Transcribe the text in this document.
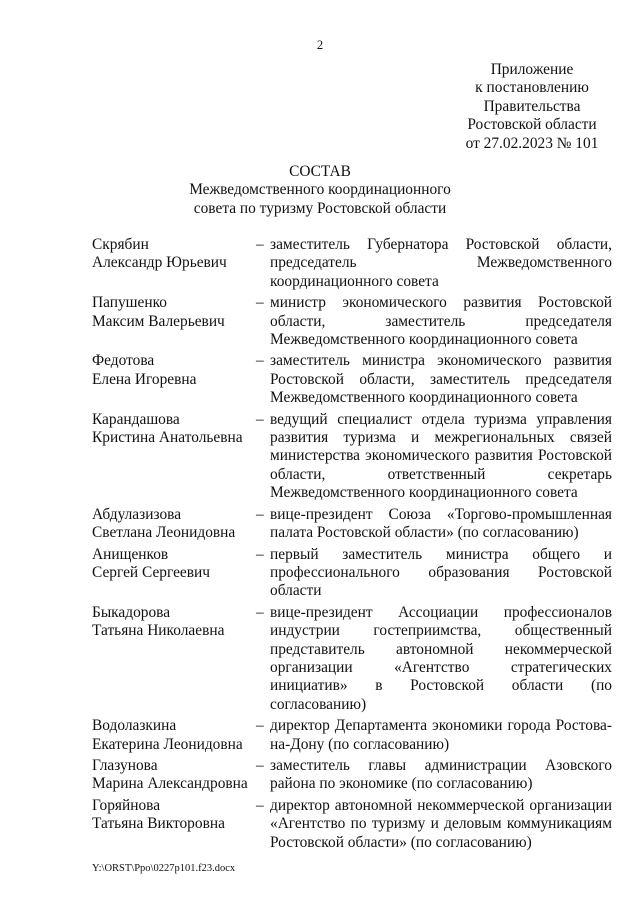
2
Приложение
к постановлению
Правительства
Ростовской области
от 27.02.2023 № 101
СОСТАВ
Межведомственного координационного
совета по туризму Ростовской области
Скрябин
Александр Юрьевич
– заместитель Губернатора Ростовской области, председатель Межведомственного координационного совета
Папушенко
Максим Валерьевич
– министр экономического развития Ростовской области, заместитель председателя Межведомственного координационного совета
Федотова
Елена Игоревна
– заместитель министра экономического развития Ростовской области, заместитель председателя Межведомственного координационного совета
Карандашова
Кристина Анатольевна
– ведущий специалист отдела туризма управления развития туризма и межрегиональных связей министерства экономического развития Ростовской области, ответственный секретарь Межведомственного координационного совета
Абдулазизова
Светлана Леонидовна
– вице-президент Союза «Торгово-промышленная палата Ростовской области» (по согласованию)
Анищенков
Сергей Сергеевич
– первый заместитель министра общего и профессионального образования Ростовской области
Быкадорова
Татьяна Николаевна
– вице-президент Ассоциации профессионалов индустрии гостеприимства, общественный представитель автономной некоммерческой организации «Агентство стратегических инициатив» в Ростовской области (по согласованию)
Водолазкина
Екатерина Леонидовна
– директор Департамента экономики города Ростова-на-Дону (по согласованию)
Глазунова
Марина Александровна
– заместитель главы администрации Азовского района по экономике (по согласованию)
Горяйнова
Татьяна Викторовна
– директор автономной некоммерческой организации «Агентство по туризму и деловым коммуникациям Ростовской области» (по согласованию)
Y:\ORST\Ppo\0227p101.f23.docx
